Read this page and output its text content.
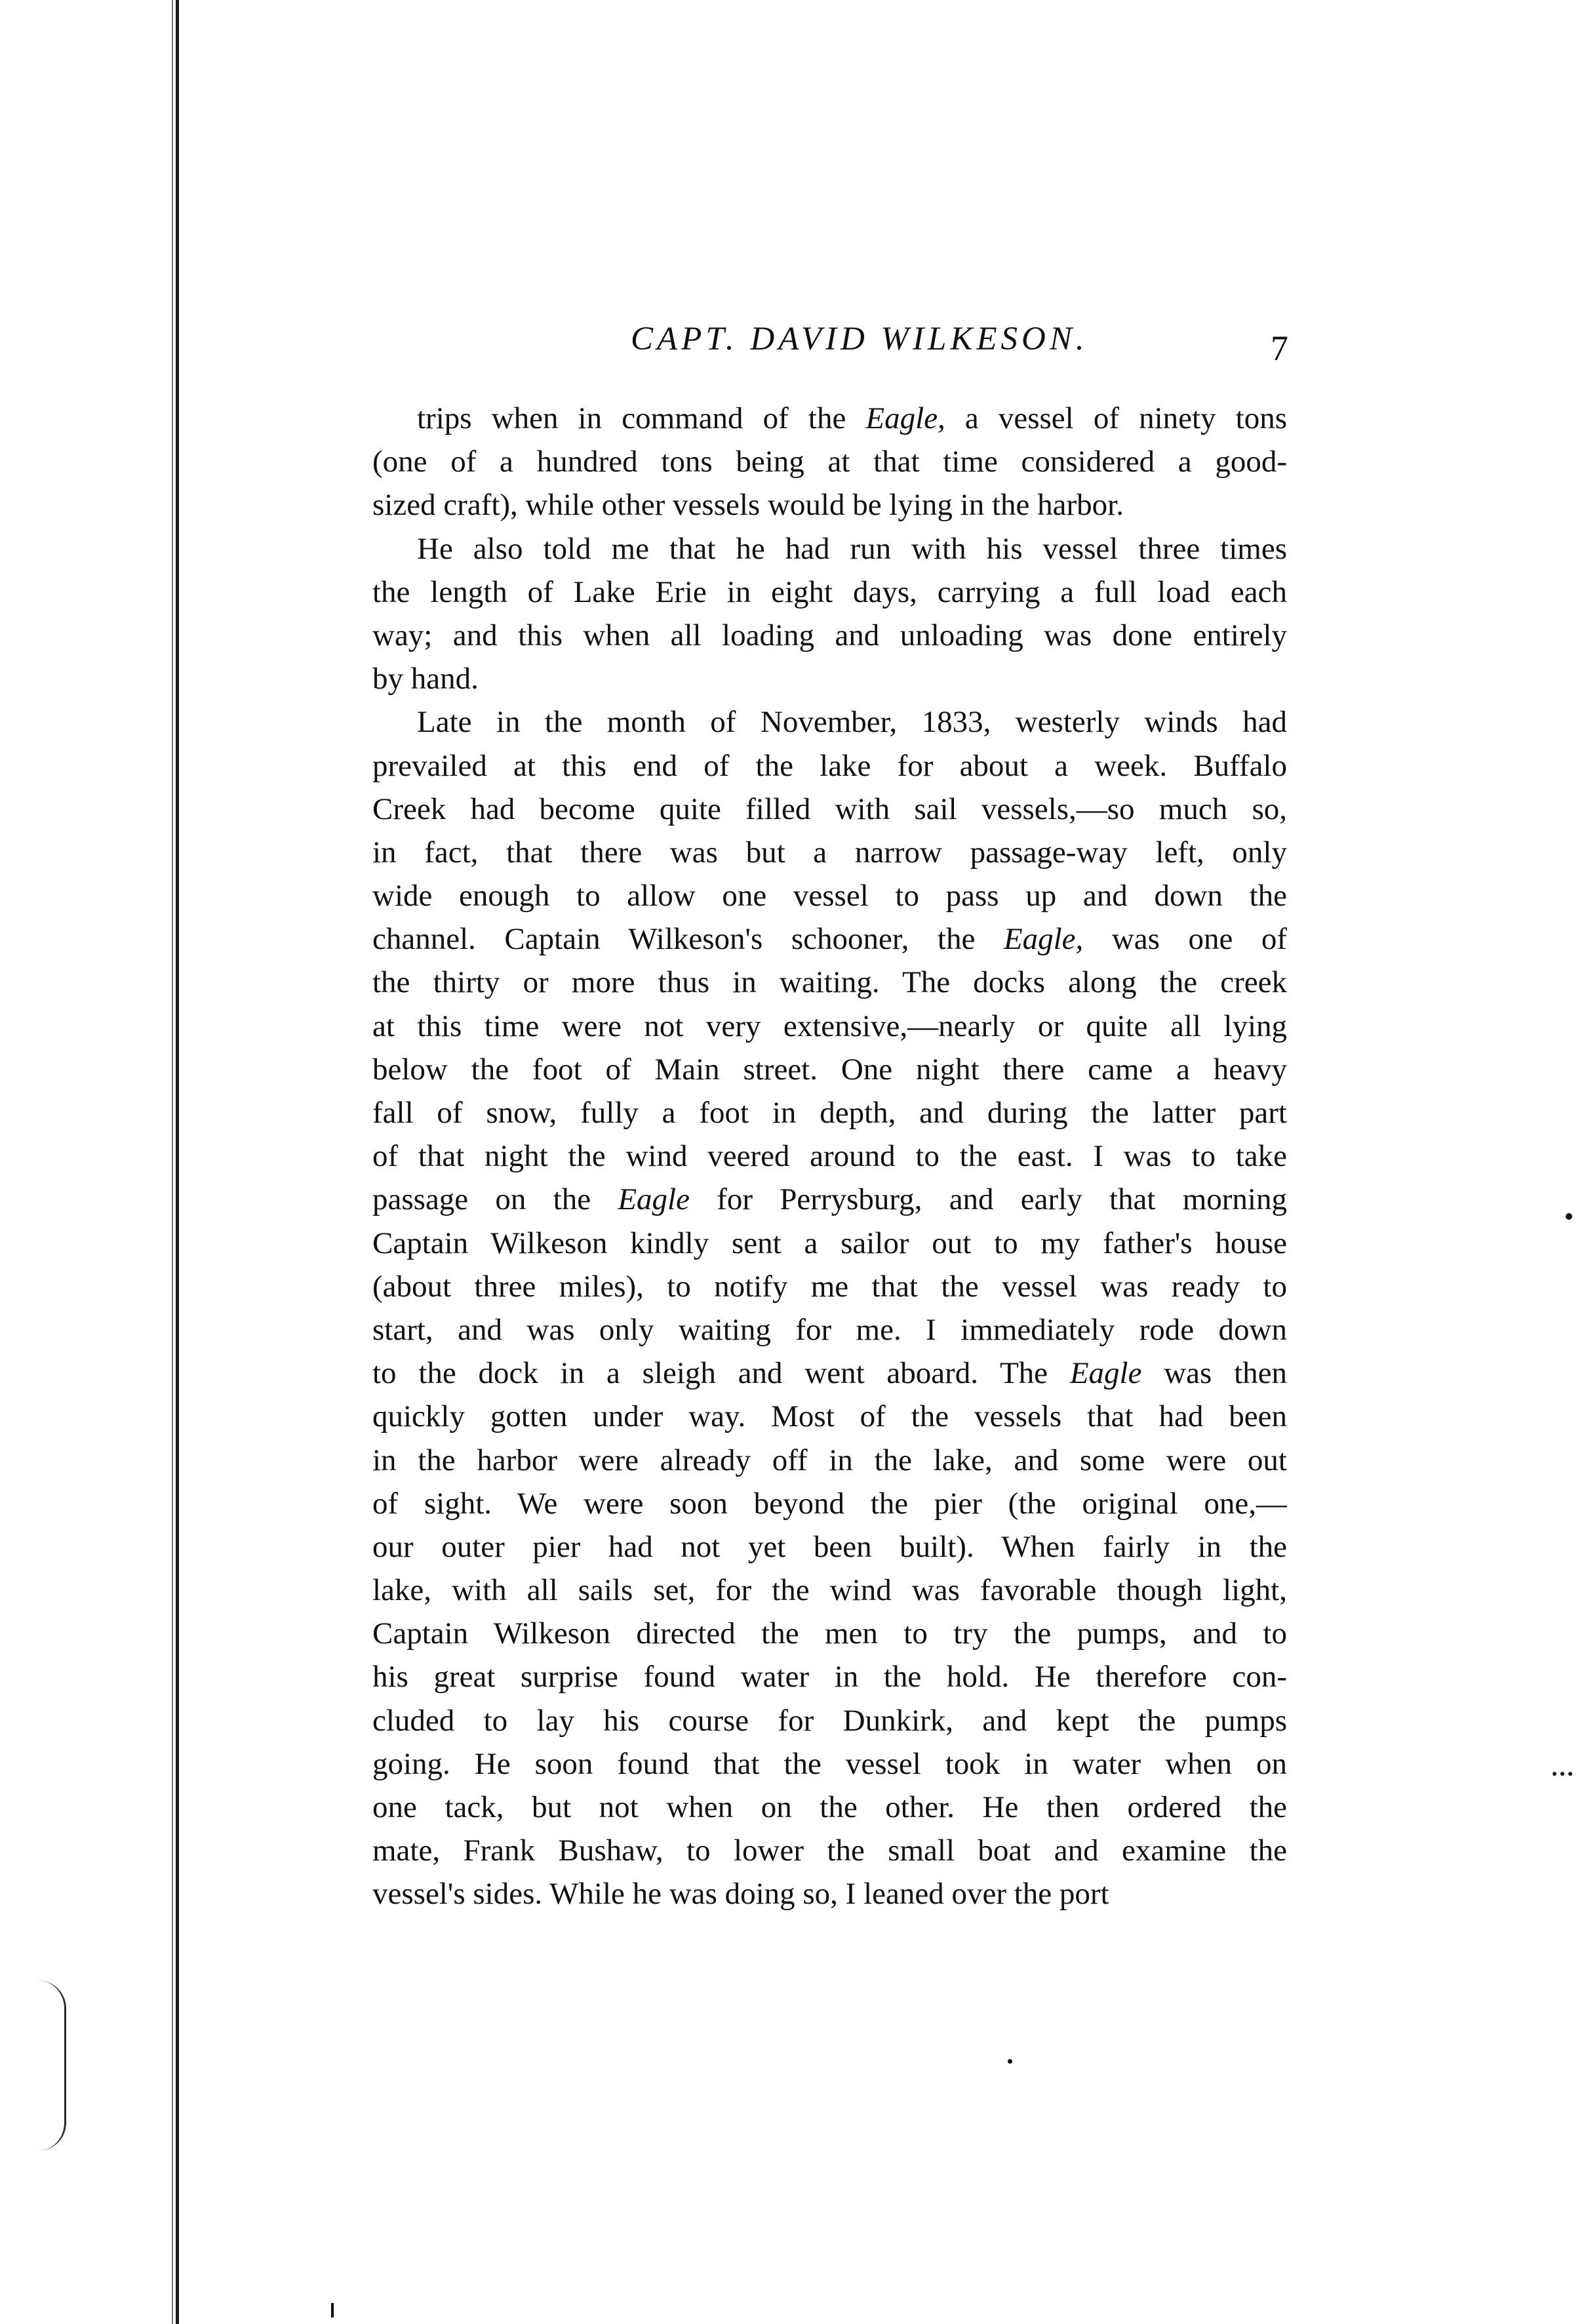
CAPT. DAVID WILKESON.	7

trips when in command of the Eagle, a vessel of ninety tons
(one of a hundred tons being at that time considered a good-
sized craft), while other vessels would be lying in the harbor.

He also told me that he had run with his vessel three times
the length of Lake Erie in eight days, carrying a full load each
way; and this when all loading and unloading was done entirely
by hand.

Late in the month of November, 1833, westerly winds had
prevailed at this end of the lake for about a week. Buffalo
Creek had become quite filled with sail vessels,—so much so,
in fact, that there was but a narrow passage-way left, only
wide enough to allow one vessel to pass up and down the
channel. Captain Wilkeson's schooner, the Eagle, was one of
the thirty or more thus in waiting. The docks along the creek
at this time were not very extensive,—nearly or quite all lying
below the foot of Main street. One night there came a heavy
fall of snow, fully a foot in depth, and during the latter part
of that night the wind veered around to the east. I was to take
passage on the Eagle for Perrysburg, and early that morning
Captain Wilkeson kindly sent a sailor out to my father's house
(about three miles), to notify me that the vessel was ready to
start, and was only waiting for me. I immediately rode down
to the dock in a sleigh and went aboard. The Eagle was then
quickly gotten under way. Most of the vessels that had been
in the harbor were already off in the lake, and some were out
of sight. We were soon beyond the pier (the original one,—
our outer pier had not yet been built). When fairly in the
lake, with all sails set, for the wind was favorable though light,
Captain Wilkeson directed the men to try the pumps, and to
his great surprise found water in the hold. He therefore con-
cluded to lay his course for Dunkirk, and kept the pumps
going. He soon found that the vessel took in water when on
one tack, but not when on the other. He then ordered the
mate, Frank Bushaw, to lower the small boat and examine the
vessel's sides. While he was doing so, I leaned over the port
